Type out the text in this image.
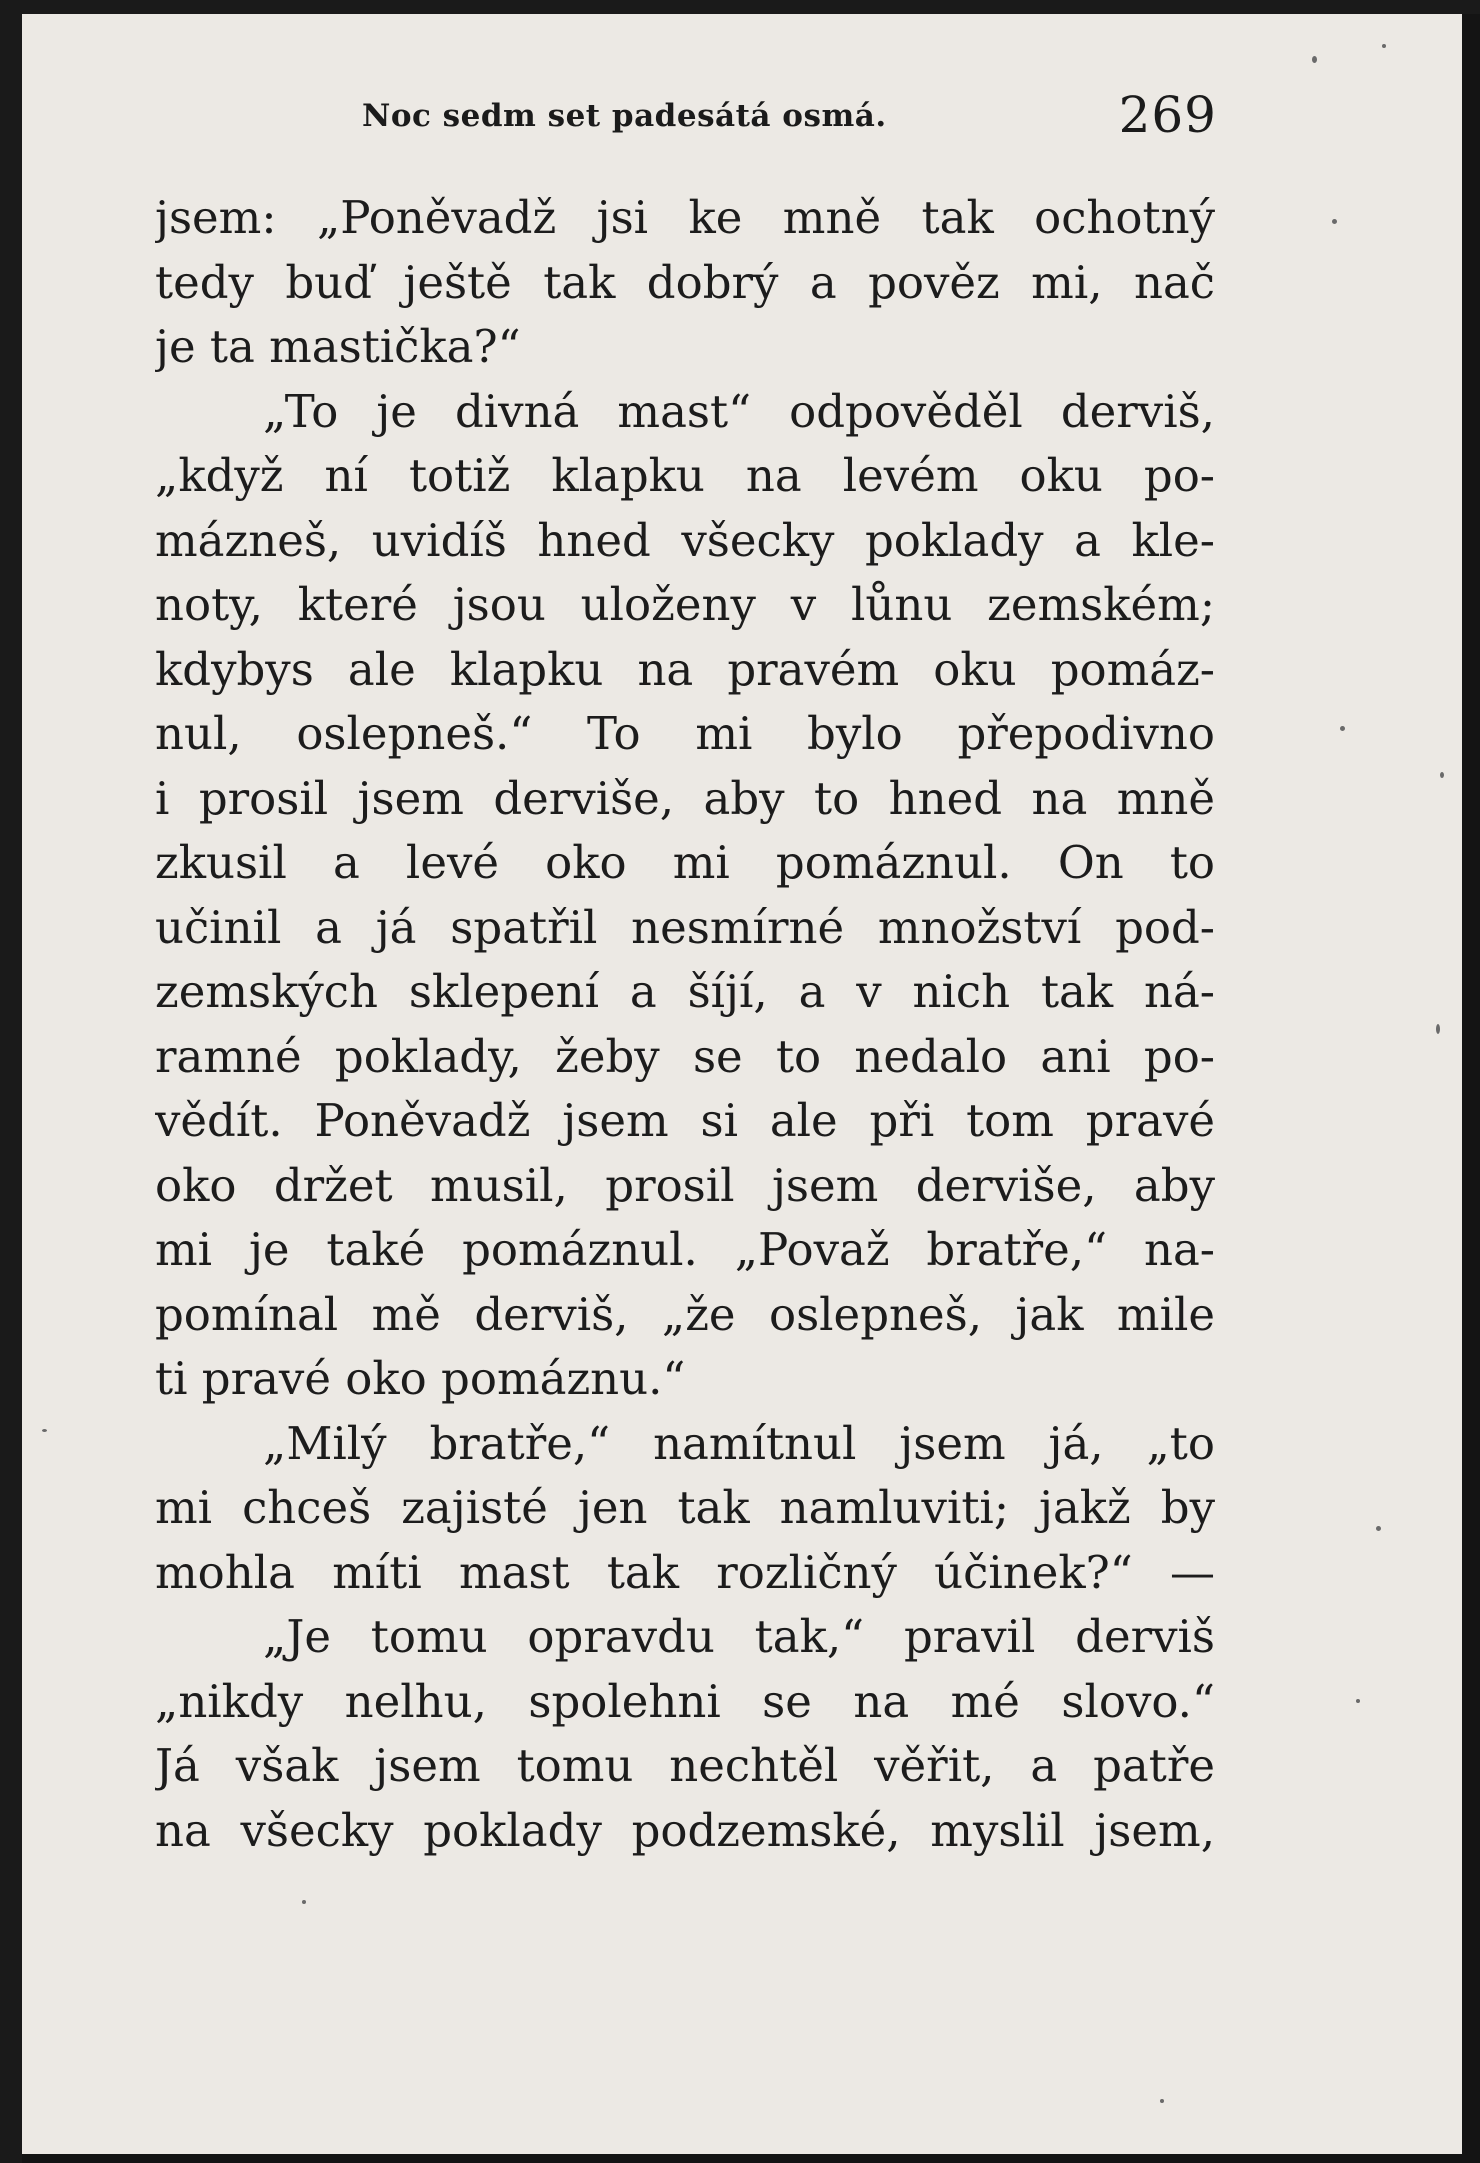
Noc sedm set padesátá osmá.	269
jsem: „Poněvadž jsi ke mně tak ochotný
tedy buď ještě tak dobrý a pověz mi, nač
je ta mastička?“
„To je divná mast“ odpověděl derviš,
„když ní totiž klapku na levém oku po-
mázneš, uvidíš hned všecky poklady a kle-
noty, které jsou uloženy v lůnu zemském;
kdybys ale klapku na pravém oku pomáz-
nul, oslepneš.“ To mi bylo přepodivno
i prosil jsem derviše, aby to hned na mně
zkusil a levé oko mi pomáznul. On to
učinil a já spatřil nesmírné množství pod-
zemských sklepení a šíjí, a v nich tak ná-
ramné poklady, žeby se to nedalo ani po-
vědít. Poněvadž jsem si ale při tom pravé
oko držet musil, prosil jsem derviše, aby
mi je také pomáznul. „Považ bratře,“ na-
pomínal mě derviš, „že oslepneš, jak mile
ti pravé oko pomáznu.“
„Milý bratře,“ namítnul jsem já, „to
mi chceš zajisté jen tak namluviti; jakž by
mohla míti mast tak rozličný účinek?“ —
„Je tomu opravdu tak,“ pravil derviš
„nikdy nelhu, spolehni se na mé slovo.“
Já však jsem tomu nechtěl věřit, a patře
na všecky poklady podzemské, myslil jsem,
